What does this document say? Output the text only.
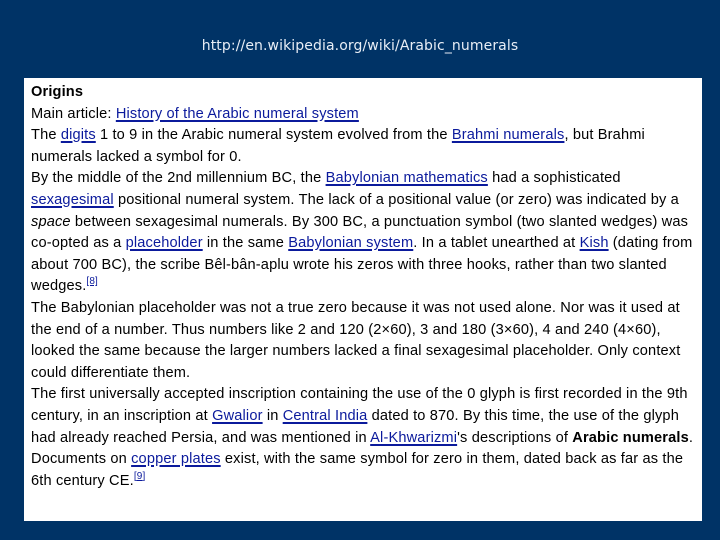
http://en.wikipedia.org/wiki/Arabic_numerals

Origins

Main article: History of the Arabic numeral system

The digits 1 to 9 in the Arabic numeral system evolved from the Brahmi numerals, but Brahmi numerals lacked a symbol for 0.

By the middle of the 2nd millennium BC, the Babylonian mathematics had a sophisticated sexagesimal positional numeral system. The lack of a positional value (or zero) was indicated by a space between sexagesimal numerals. By 300 BC, a punctuation symbol (two slanted wedges) was co-opted as a placeholder in the same Babylonian system. In a tablet unearthed at Kish (dating from about 700 BC), the scribe Bêl-bân-aplu wrote his zeros with three hooks, rather than two slanted wedges.[8]

The Babylonian placeholder was not a true zero because it was not used alone. Nor was it used at the end of a number. Thus numbers like 2 and 120 (2×60), 3 and 180 (3×60), 4 and 240 (4×60), looked the same because the larger numbers lacked a final sexagesimal placeholder. Only context could differentiate them.

The first universally accepted inscription containing the use of the 0 glyph is first recorded in the 9th century, in an inscription at Gwalior in Central India dated to 870. By this time, the use of the glyph had already reached Persia, and was mentioned in Al-Khwarizmi's descriptions of Arabic numerals. Documents on copper plates exist, with the same symbol for zero in them, dated back as far as the 6th century CE.[9]
